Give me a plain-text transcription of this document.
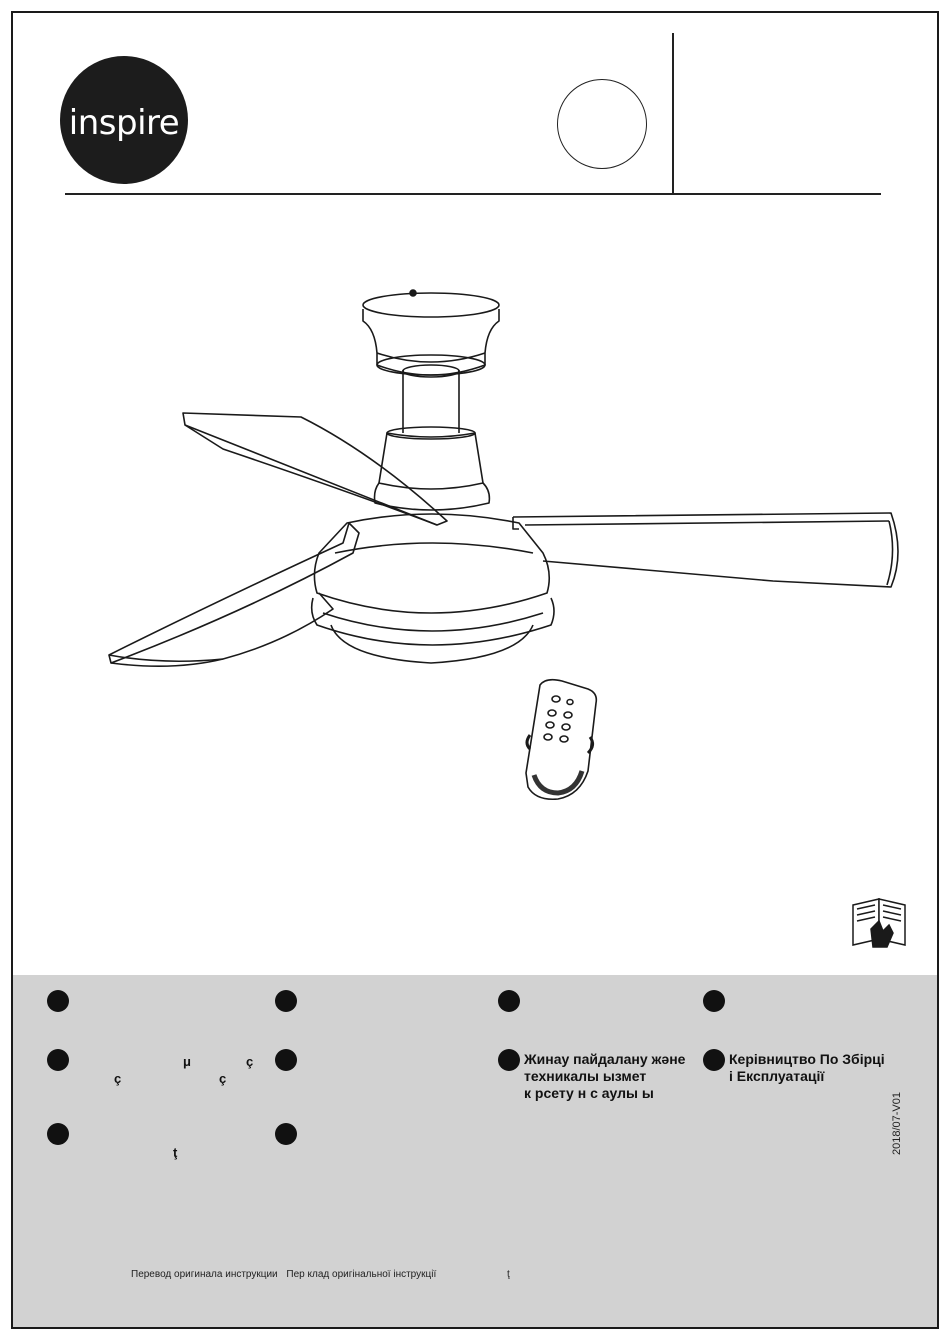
inspire
μ	ç
ç	ç
ţ
Жинау пайдалану және
техникалы ызмет
к рсету н с аулы ы
Керівництво По Збірці
і Експлуатації
2018/07-V01
Перевод оригинала инструкции Пер клад оригінальної інструкції	ţ
